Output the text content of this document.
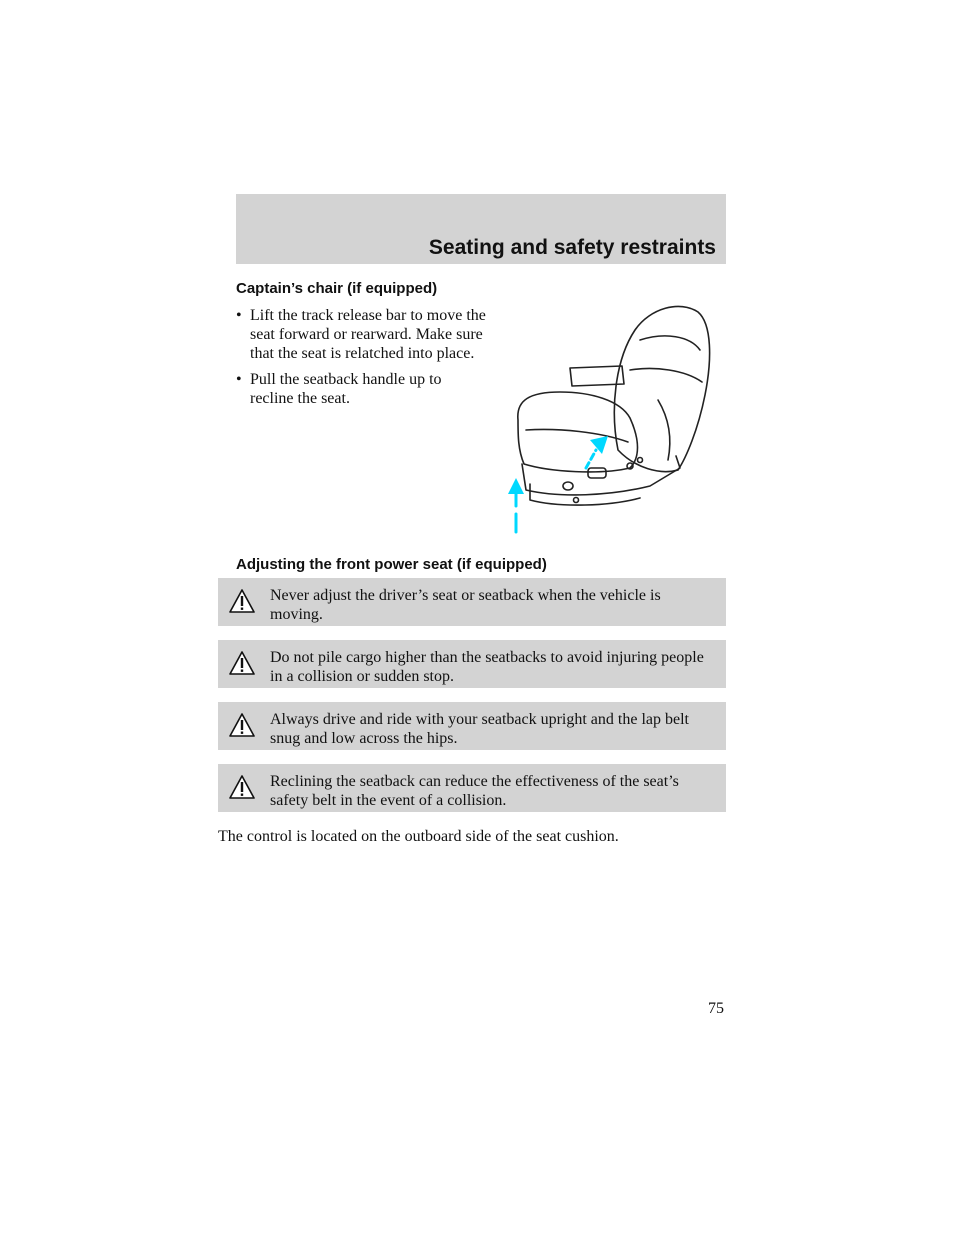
Seating and safety restraints
Captain’s chair (if equipped)
• Lift the track release bar to move the seat forward or rearward. Make sure that the seat is relatched into place.
• Pull the seatback handle up to recline the seat.
Adjusting the front power seat (if equipped)

Never adjust the driver’s seat or seatback when the vehicle is moving.

Do not pile cargo higher than the seatbacks to avoid injuring people in a collision or sudden stop.

Always drive and ride with your seatback upright and the lap belt snug and low across the hips.

Reclining the seatback can reduce the effectiveness of the seat’s safety belt in the event of a collision.

The control is located on the outboard side of the seat cushion.

75
